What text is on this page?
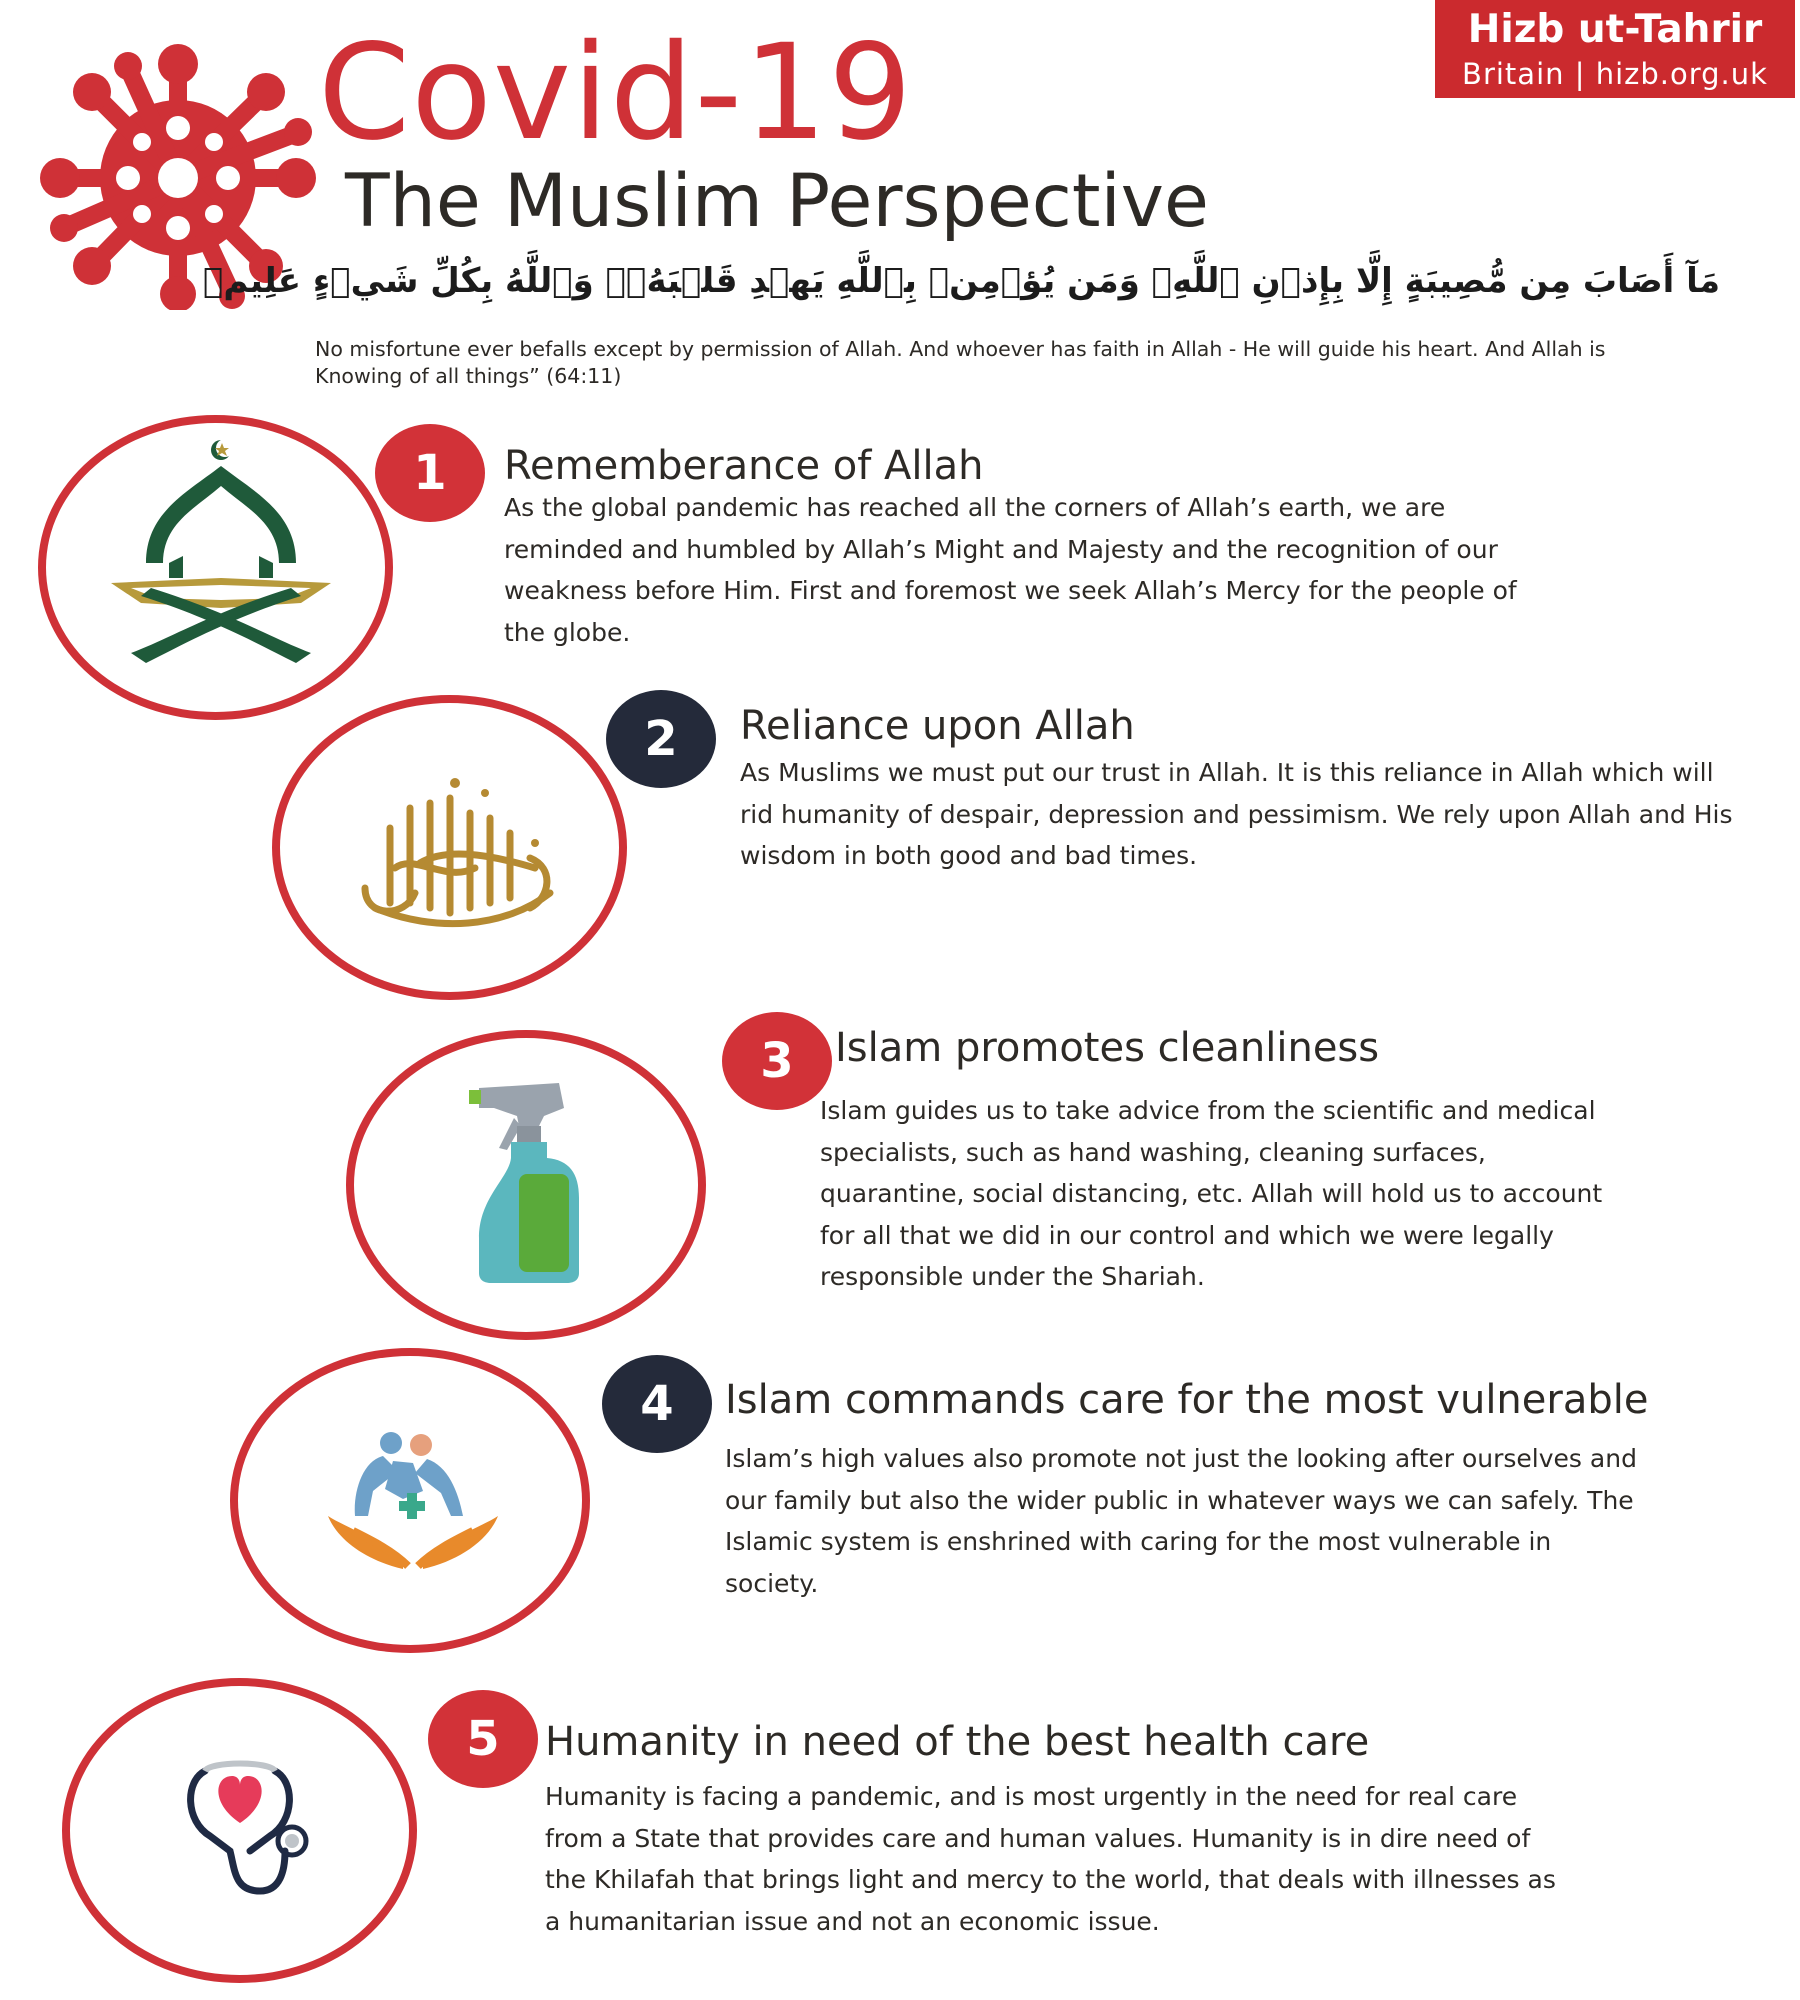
Covid-19
The Muslim Perspective
Hizb ut-Tahrir
Britain | hizb.org.uk
مَآ أَصَابَ مِن مُّصِيبَةٍ إِلَّا بِإِذۡنِ ٱللَّهِۗ وَمَن يُؤۡمِنۢ بِٱللَّهِ يَهۡدِ قَلۡبَهُۥۚ وَٱللَّهُ بِكُلِّ شَيۡءٍ عَلِيمٞ

No misfortune ever befalls except by permission of Allah. And whoever has faith in Allah - He will guide his heart. And Allah is Knowing of all things” (64:11)

1	Rememberance of Allah

As the global pandemic has reached all the corners of Allah’s earth, we are reminded and humbled by Allah’s Might and Majesty and the recognition of our weakness before Him. First and foremost we seek Allah’s Mercy for the people of the globe.

2	Reliance upon Allah

As Muslims we must put our trust in Allah. It is this reliance in Allah which will rid humanity of despair, depression and pessimism. We rely upon Allah and His wisdom in both good and bad times.

3	Islam promotes cleanliness

Islam guides us to take advice from the scientific and medical specialists, such as hand washing, cleaning surfaces, quarantine, social distancing, etc. Allah will hold us to account for all that we did in our control and which we were legally responsible under the Shariah.

4	Islam commands care for the most vulnerable

Islam’s high values also promote not just the looking after ourselves and our family but also the wider public in whatever ways we can safely. The Islamic system is enshrined with caring for the most vulnerable in society.

5	Humanity in need of the best health care

Humanity is facing a pandemic, and is most urgently in the need for real care from a State that provides care and human values. Humanity is in dire need of the Khilafah that brings light and mercy to the world, that deals with illnesses as a humanitarian issue and not an economic issue.
